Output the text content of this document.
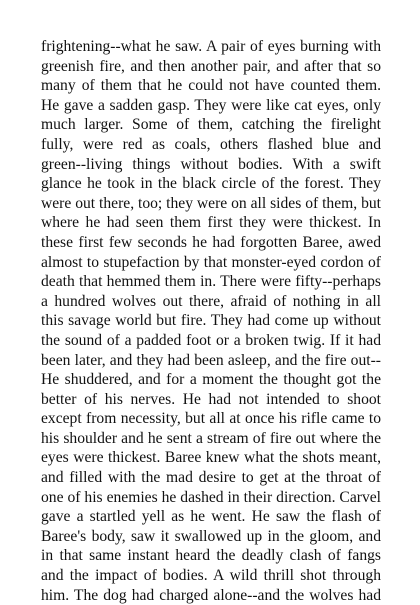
frightening--what he saw. A pair of eyes burning with
greenish fire, and then another pair, and after that so
many of them that he could not have counted them.
He gave a sadden gasp. They were like cat eyes, only
much larger. Some of them, catching the firelight
fully, were red as coals, others flashed blue and
green--living things without bodies. With a swift
glance he took in the black circle of the forest. They
were out there, too; they were on all sides of them, but
where he had seen them first they were thickest. In
these first few seconds he had forgotten Baree, awed
almost to stupefaction by that monster-eyed cordon of
death that hemmed them in. There were fifty--perhaps
a hundred wolves out there, afraid of nothing in all
this savage world but fire. They had come up without
the sound of a padded foot or a broken twig. If it had
been later, and they had been asleep, and the fire out--
He shuddered, and for a moment the thought got the
better of his nerves. He had not intended to shoot
except from necessity, but all at once his rifle came to
his shoulder and he sent a stream of fire out where the
eyes were thickest. Baree knew what the shots meant,
and filled with the mad desire to get at the throat of
one of his enemies he dashed in their direction. Carvel
gave a startled yell as he went. He saw the flash of
Baree's body, saw it swallowed up in the gloom, and
in that same instant heard the deadly clash of fangs
and the impact of bodies. A wild thrill shot through
him. The dog had charged alone--and the wolves had
